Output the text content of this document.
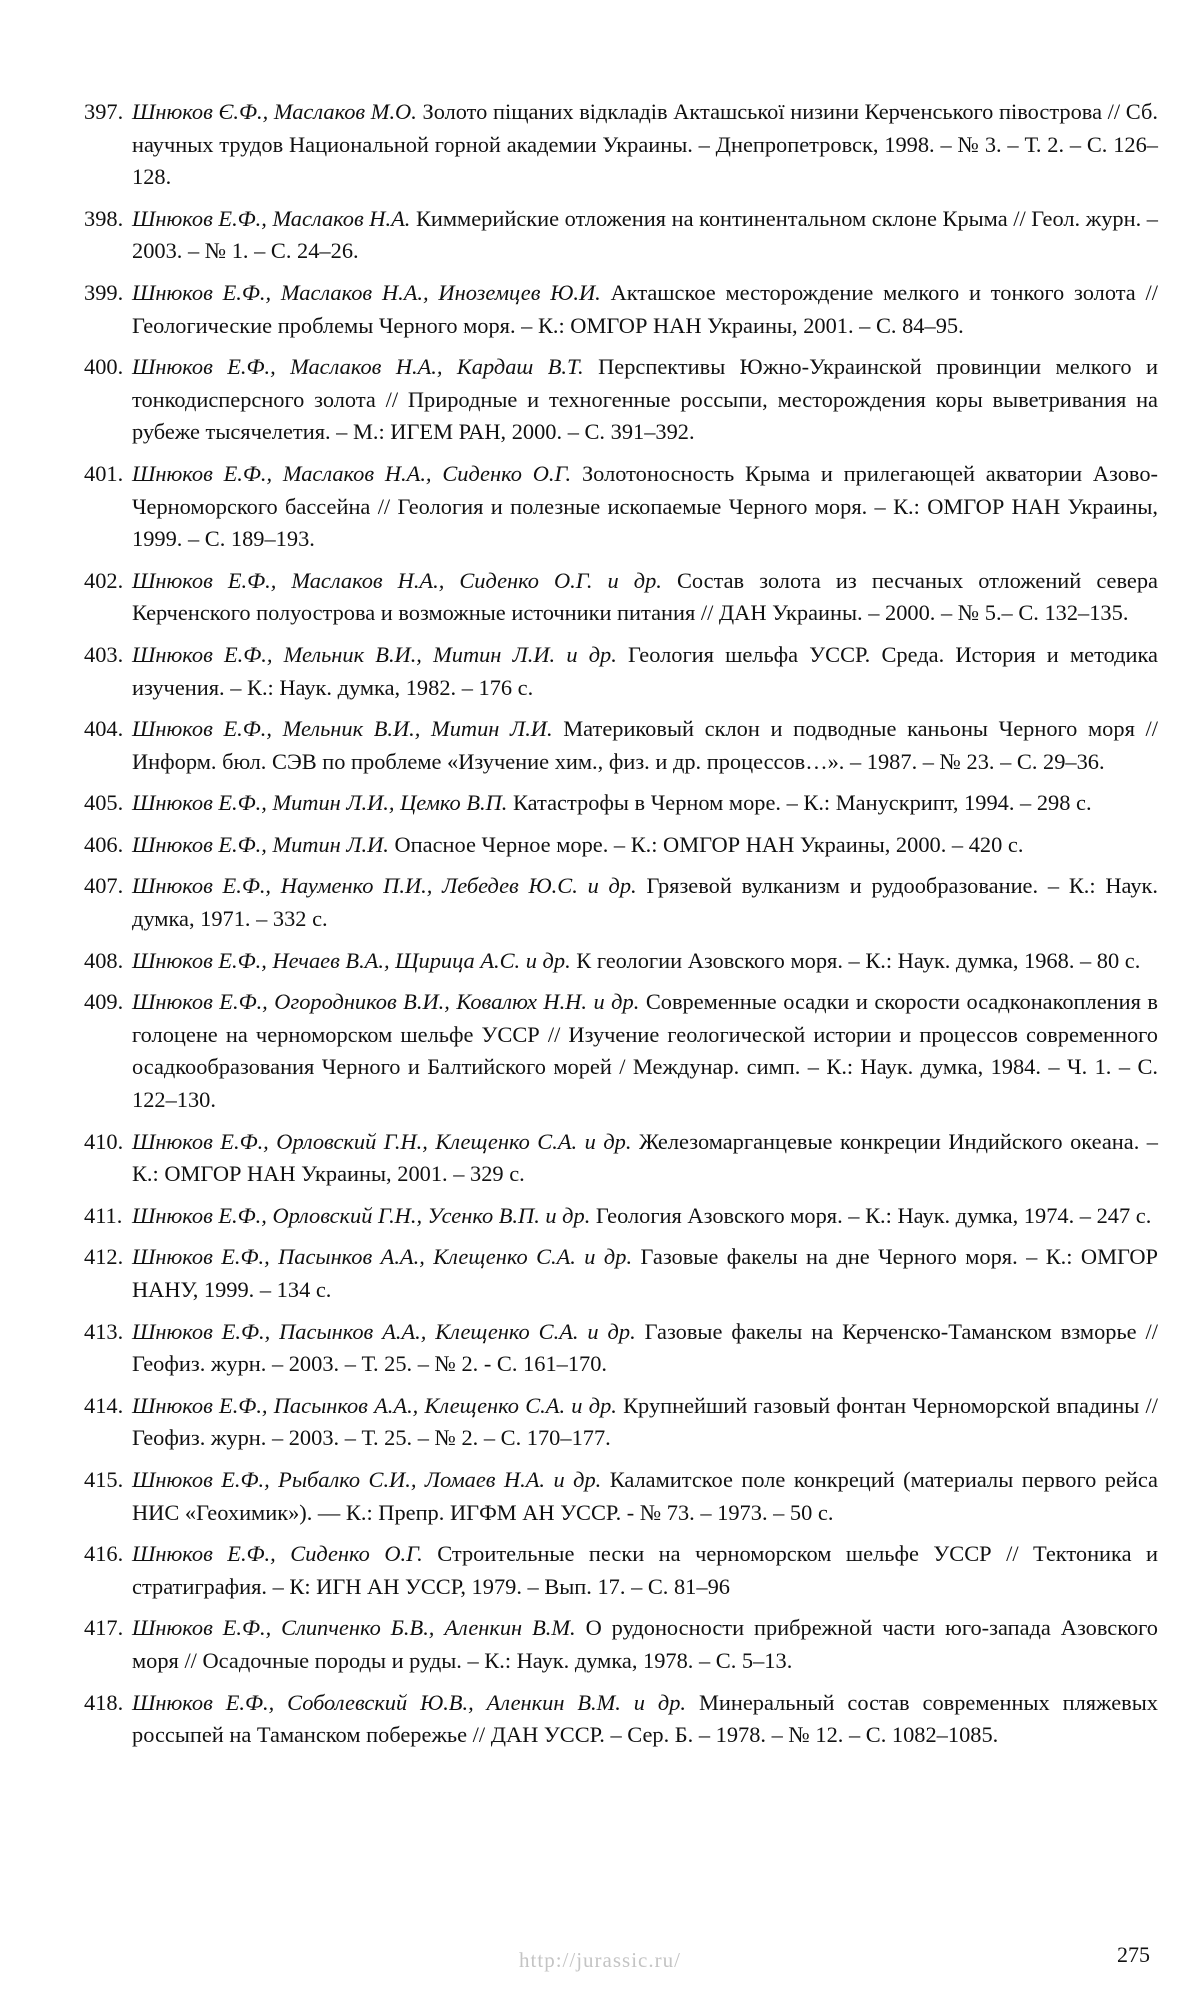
397. Шнюков Є.Ф., Маслаков М.О. Золото піщаних відкладів Акташської низини Керченського півострова // Сб. научных трудов Национальной горной академии Украины. – Днепропетровск, 1998. – № 3. – Т. 2. – С. 126–128.
398. Шнюков Е.Ф., Маслаков Н.А. Киммерийские отложения на континентальном склоне Крыма // Геол. журн. – 2003. – № 1. – С. 24–26.
399. Шнюков Е.Ф., Маслаков Н.А., Иноземцев Ю.И. Акташское месторождение мелкого и тонкого золота // Геологические проблемы Черного моря. – К.: ОМГОР НАН Украины, 2001. – С. 84–95.
400. Шнюков Е.Ф., Маслаков Н.А., Кардаш В.Т. Перспективы Южно-Украинской провинции мелкого и тонкодисперсного золота // Природные и техногенные россыпи, месторождения коры выветривания на рубеже тысячелетия. – М.: ИГЕМ РАН, 2000. – С. 391–392.
401. Шнюков Е.Ф., Маслаков Н.А., Сиденко О.Г. Золотоносность Крыма и прилегающей акватории Азово-Черноморского бассейна // Геология и полезные ископаемые Черного моря. – К.: ОМГОР НАН Украины, 1999. – С. 189–193.
402. Шнюков Е.Ф., Маслаков Н.А., Сиденко О.Г. и др. Состав золота из песчаных отложений севера Керченского полуострова и возможные источники питания // ДАН Украины. – 2000. – № 5.– С. 132–135.
403. Шнюков Е.Ф., Мельник В.И., Митин Л.И. и др. Геология шельфа УССР. Среда. История и методика изучения. – К.: Наук. думка, 1982. – 176 с.
404. Шнюков Е.Ф., Мельник В.И., Митин Л.И. Материковый склон и подводные каньоны Черного моря // Информ. бюл. СЭВ по проблеме «Изучение хим., физ. и др. процессов…». – 1987. – № 23. – С. 29–36.
405. Шнюков Е.Ф., Митин Л.И., Цемко В.П. Катастрофы в Черном море. – К.: Манускрипт, 1994. – 298 с.
406. Шнюков Е.Ф., Митин Л.И. Опасное Черное море. – К.: ОМГОР НАН Украины, 2000. – 420 с.
407. Шнюков Е.Ф., Науменко П.И., Лебедев Ю.С. и др. Грязевой вулканизм и рудообразование. – К.: Наук. думка, 1971. – 332 с.
408. Шнюков Е.Ф., Нечаев В.А., Щирица А.С. и др. К геологии Азовского моря. – К.: Наук. думка, 1968. – 80 с.
409. Шнюков Е.Ф., Огородников В.И., Ковалюх Н.Н. и др. Современные осадки и скорости осадконакопления в голоцене на черноморском шельфе УССР // Изучение геологической истории и процессов современного осадкообразования Черного и Балтийского морей / Междунар. симп. – К.: Наук. думка, 1984. – Ч. 1. – С. 122–130.
410. Шнюков Е.Ф., Орловский Г.Н., Клещенко С.А. и др. Железомарганцевые конкреции Индийского океана. – К.: ОМГОР НАН Украины, 2001. – 329 с.
411. Шнюков Е.Ф., Орловский Г.Н., Усенко В.П. и др. Геология Азовского моря. – К.: Наук. думка, 1974. – 247 с.
412. Шнюков Е.Ф., Пасынков А.А., Клещенко С.А. и др. Газовые факелы на дне Черного моря. – К.: ОМГОР НАНУ, 1999. – 134 с.
413. Шнюков Е.Ф., Пасынков А.А., Клещенко С.А. и др. Газовые факелы на Керченско-Таманском взморье // Геофиз. журн. – 2003. – Т. 25. – № 2. - С. 161–170.
414. Шнюков Е.Ф., Пасынков А.А., Клещенко С.А. и др. Крупнейший газовый фонтан Черноморской впадины // Геофиз. журн. – 2003. – Т. 25. – № 2. – С. 170–177.
415. Шнюков Е.Ф., Рыбалко С.И., Ломаев Н.А. и др. Каламитское поле конкреций (материалы первого рейса НИС «Геохимик»). — К.: Препр. ИГФМ АН УССР. - № 73. – 1973. – 50 с.
416. Шнюков Е.Ф., Сиденко О.Г. Строительные пески на черноморском шельфе УССР // Тектоника и стратиграфия. – К: ИГН АН УССР, 1979. – Вып. 17. – С. 81–96
417. Шнюков Е.Ф., Слипченко Б.В., Аленкин В.М. О рудоносности прибрежной части юго-запада Азовского моря // Осадочные породы и руды. – К.: Наук. думка, 1978. – С. 5–13.
418. Шнюков Е.Ф., Соболевский Ю.В., Аленкин В.М. и др. Минеральный состав современных пляжевых россыпей на Таманском побережье // ДАН УССР. – Сер. Б. – 1978. – № 12. – С. 1082–1085.
http://jurassic.ru/	275
